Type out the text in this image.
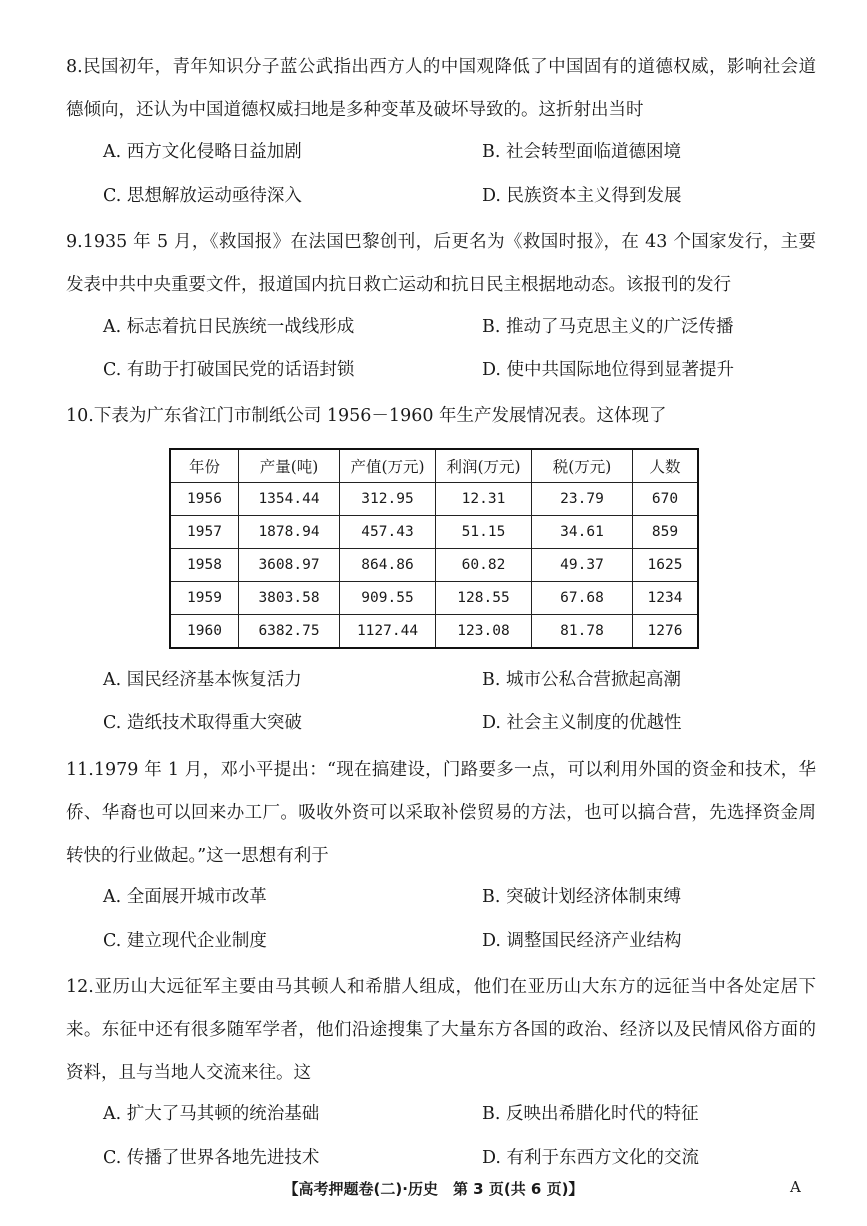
8.民国初年，青年知识分子蓝公武指出西方人的中国观降低了中国固有的道德权威，影响社会道德倾向，还认为中国道德权威扫地是多种变革及破坏导致的。这折射出当时

A. 西方文化侵略日益加剧	B. 社会转型面临道德困境
C. 思想解放运动亟待深入	D. 民族资本主义得到发展

9.1935 年 5 月，《救国报》在法国巴黎创刊，后更名为《救国时报》，在 43 个国家发行，主要发表中共中央重要文件，报道国内抗日救亡运动和抗日民主根据地动态。该报刊的发行

A. 标志着抗日民族统一战线形成	B. 推动了马克思主义的广泛传播
C. 有助于打破国民党的话语封锁	D. 使中共国际地位得到显著提升

10.下表为广东省江门市制纸公司 1956－1960 年生产发展情况表。这体现了

年份	产量(吨)	产值(万元)	利润(万元)	税(万元)	人数
1956	1354.44	312.95	12.31	23.79	670
1957	1878.94	457.43	51.15	34.61	859
1958	3608.97	864.86	60.82	49.37	1625
1959	3803.58	909.55	128.55	67.68	1234
1960	6382.75	1127.44	123.08	81.78	1276
A. 国民经济基本恢复活力	B. 城市公私合营掀起高潮
C. 造纸技术取得重大突破	D. 社会主义制度的优越性

11.1979 年 1 月，邓小平提出：“现在搞建设，门路要多一点，可以利用外国的资金和技术，华侨、华裔也可以回来办工厂。吸收外资可以采取补偿贸易的方法，也可以搞合营，先选择资金周转快的行业做起。”这一思想有利于

A. 全面展开城市改革	B. 突破计划经济体制束缚
C. 建立现代企业制度	D. 调整国民经济产业结构

12.亚历山大远征军主要由马其顿人和希腊人组成，他们在亚历山大东方的远征当中各处定居下来。东征中还有很多随军学者，他们沿途搜集了大量东方各国的政治、经济以及民情风俗方面的资料，且与当地人交流来往。这

A. 扩大了马其顿的统治基础	B. 反映出希腊化时代的特征
C. 传播了世界各地先进技术	D. 有利于东西方文化的交流
【高考押题卷(二)·历史　第 3 页(共 6 页)】	A
